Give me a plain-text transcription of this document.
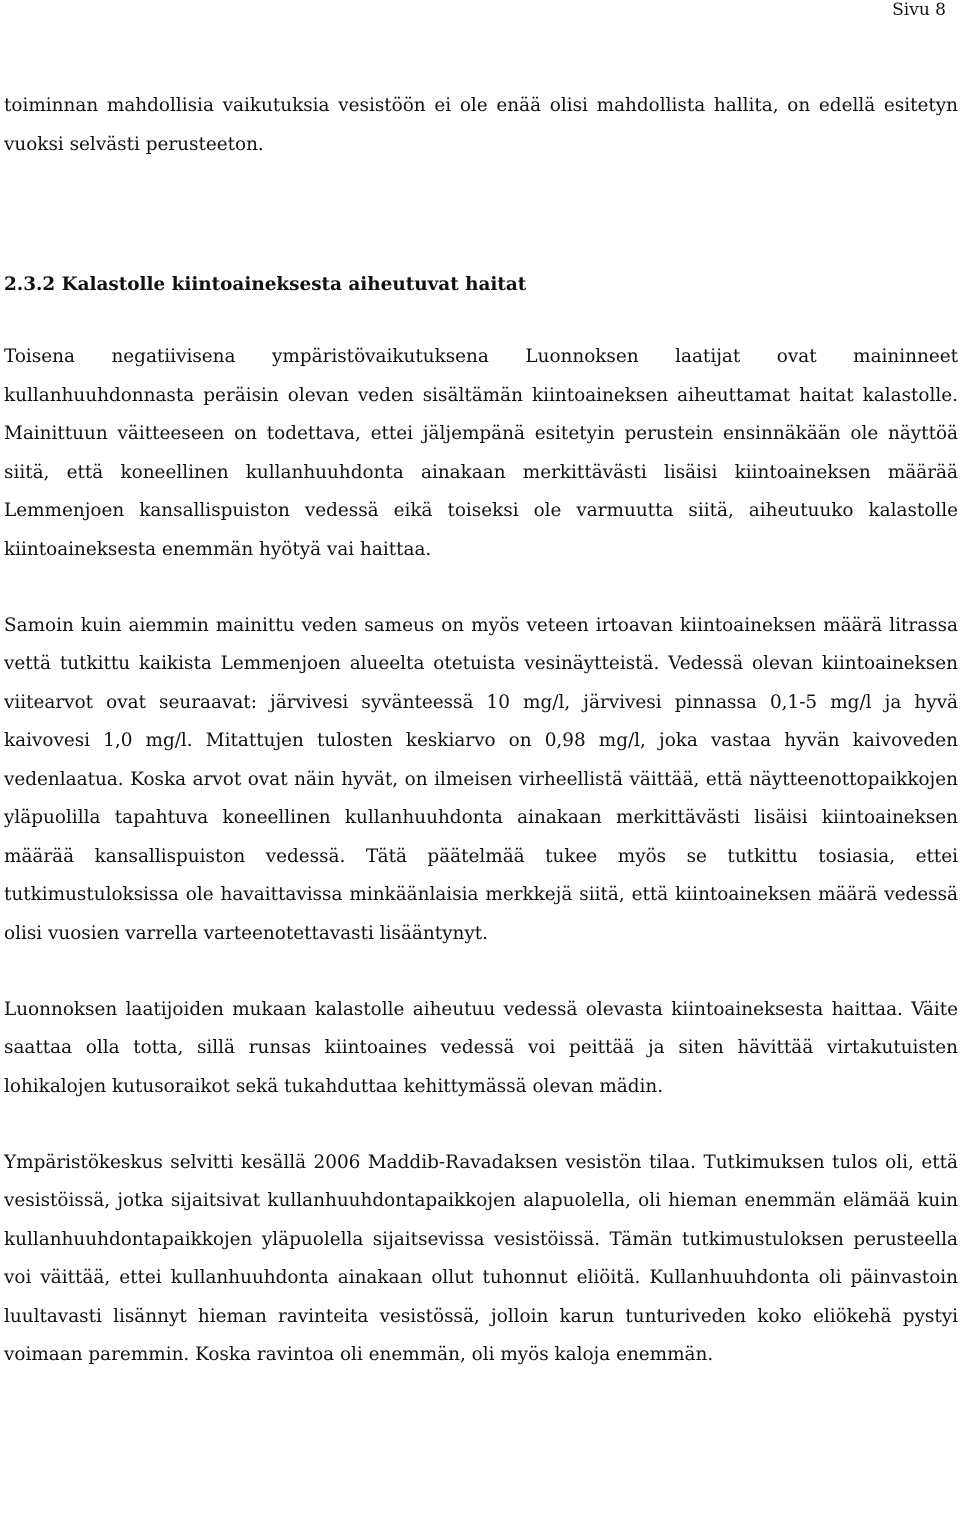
Sivu 8

toiminnan mahdollisia vaikutuksia vesistöön ei ole enää olisi mahdollista hallita, on edellä esitetyn vuoksi selvästi perusteeton.

2.3.2 Kalastolle kiintoaineksesta aiheutuvat haitat

Toisena negatiivisena ympäristövaikutuksena Luonnoksen laatijat ovat maininneet kullanhuuhdonnasta peräisin olevan veden sisältämän kiintoaineksen aiheuttamat haitat kalastolle. Mainittuun väitteeseen on todettava, ettei jäljempänä esitetyin perustein ensinnäkään ole näyttöä siitä, että koneellinen kullanhuuhdonta ainakaan merkittävästi lisäisi kiintoaineksen määrää Lemmenjoen kansallispuiston vedessä eikä toiseksi ole varmuutta siitä, aiheutuuko kalastolle kiintoaineksesta enemmän hyötyä vai haittaa.

Samoin kuin aiemmin mainittu veden sameus on myös veteen irtoavan kiintoaineksen määrä litrassa vettä tutkittu kaikista Lemmenjoen alueelta otetuista vesinäytteistä. Vedessä olevan kiintoaineksen viitearvot ovat seuraavat: järvivesi syvänteessä 10 mg/l, järvivesi pinnassa 0,1-5 mg/l ja hyvä kaivovesi 1,0 mg/l. Mitattujen tulosten keskiarvo on 0,98 mg/l, joka vastaa hyvän kaivoveden vedenlaatua. Koska arvot ovat näin hyvät, on ilmeisen virheellistä väittää, että näytteenottopaikkojen yläpuolilla tapahtuva koneellinen kullanhuuhdonta ainakaan merkittävästi lisäisi kiintoaineksen määrää kansallispuiston vedessä. Tätä päätelmää tukee myös se tutkittu tosiasia, ettei tutkimustuloksissa ole havaittavissa minkäänlaisia merkkejä siitä, että kiintoaineksen määrä vedessä olisi vuosien varrella varteenotettavasti lisääntynyt.

Luonnoksen laatijoiden mukaan kalastolle aiheutuu vedessä olevasta kiintoaineksesta haittaa. Väite saattaa olla totta, sillä runsas kiintoaines vedessä voi peittää ja siten hävittää virtakutuisten lohikalojen kutusoraikot sekä tukahduttaa kehittymässä olevan mädin.

Ympäristökeskus selvitti kesällä 2006 Maddib-Ravadaksen vesistön tilaa. Tutkimuksen tulos oli, että vesistöissä, jotka sijaitsivat kullanhuuhdontapaikkojen alapuolella, oli hieman enemmän elämää kuin kullanhuuhdontapaikkojen yläpuolella sijaitsevissa vesistöissä. Tämän tutkimustuloksen perusteella voi väittää, ettei kullanhuuhdonta ainakaan ollut tuhonnut eliöitä. Kullanhuuhdonta oli päinvastoin luultavasti lisännyt hieman ravinteita vesistössä, jolloin karun tunturiveden koko eliökehä pystyi voimaan paremmin. Koska ravintoa oli enemmän, oli myös kaloja enemmän.
